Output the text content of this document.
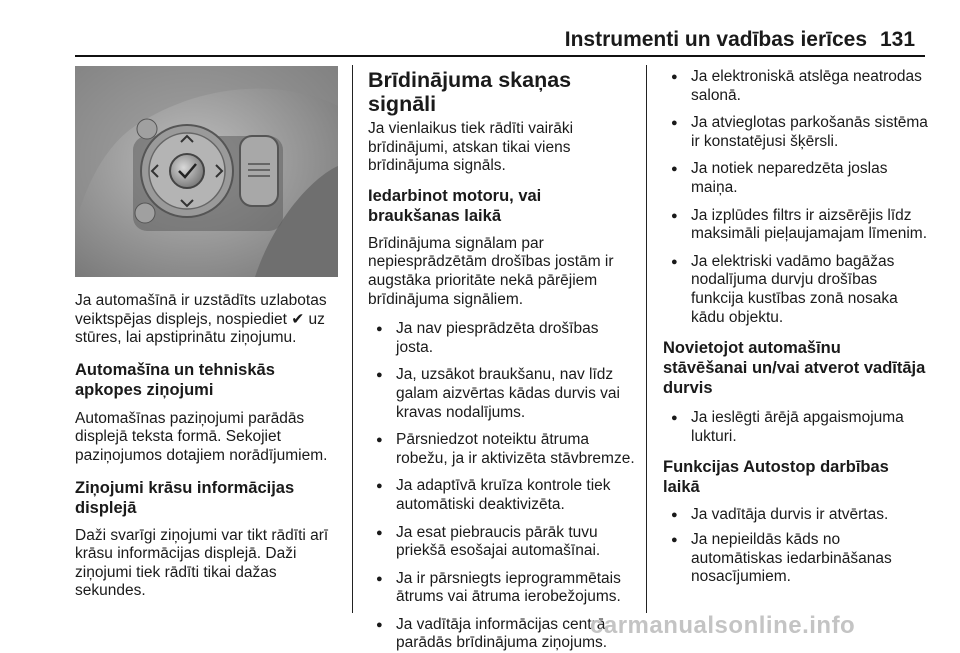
Instrumenti un vadības ierīces 131

Ja automašīnā ir uzstādīts uzlabotas veiktspējas displejs, nospiediet ✔ uz stūres, lai apstiprinātu ziņojumu.

Automašīna un tehniskās apkopes ziņojumi

Automašīnas paziņojumi parādās displejā teksta formā. Sekojiet paziņojumos dotajiem norādījumiem.

Ziņojumi krāsu informācijas displejā

Daži svarīgi ziņojumi var tikt rādīti arī krāsu informācijas displejā. Daži ziņojumi tiek rādīti tikai dažas sekundes.

Brīdinājuma skaņas signāli

Ja vienlaikus tiek rādīti vairāki brīdinājumi, atskan tikai viens brīdinājuma signāls.

Iedarbinot motoru, vai braukšanas laikā

Brīdinājuma signālam par nepiesprādzētām drošības jostām ir augstāka prioritāte nekā pārējiem brīdinājuma signāliem.

● Ja nav piesprādzēta drošības josta.
● Ja, uzsākot braukšanu, nav līdz galam aizvērtas kādas durvis vai kravas nodalījums.
● Pārsniedzot noteiktu ātruma robežu, ja ir aktivizēta stāvbremze.
● Ja adaptīvā kruīza kontrole tiek automātiski deaktivizēta.
● Ja esat piebraucis pārāk tuvu priekšā esošajai automašīnai.
● Ja ir pārsniegts ieprogrammētais ātrums vai ātruma ierobežojums.
● Ja vadītāja informācijas centrā parādās brīdinājuma ziņojums.
● Ja elektroniskā atslēga neatrodas salonā.
● Ja atvieglotas parkošanās sistēma ir konstatējusi šķērsli.
● Ja notiek neparedzēta joslas maiņa.
● Ja izplūdes filtrs ir aizsērējis līdz maksimāli pieļaujamajam līmenim.
● Ja elektriski vadāmo bagāžas nodalījuma durvju drošības funkcija kustības zonā nosaka kādu objektu.
Novietojot automašīnu stāvēšanai un/vai atverot vadītāja durvis
● Ja ieslēgti ārējā apgaismojuma lukturi.
Funkcijas Autostop darbības laikā
● Ja vadītāja durvis ir atvērtas.
● Ja nepieildās kāds no automātiskas iedarbināšanas nosacījumiem.
carmanualsonline.info
